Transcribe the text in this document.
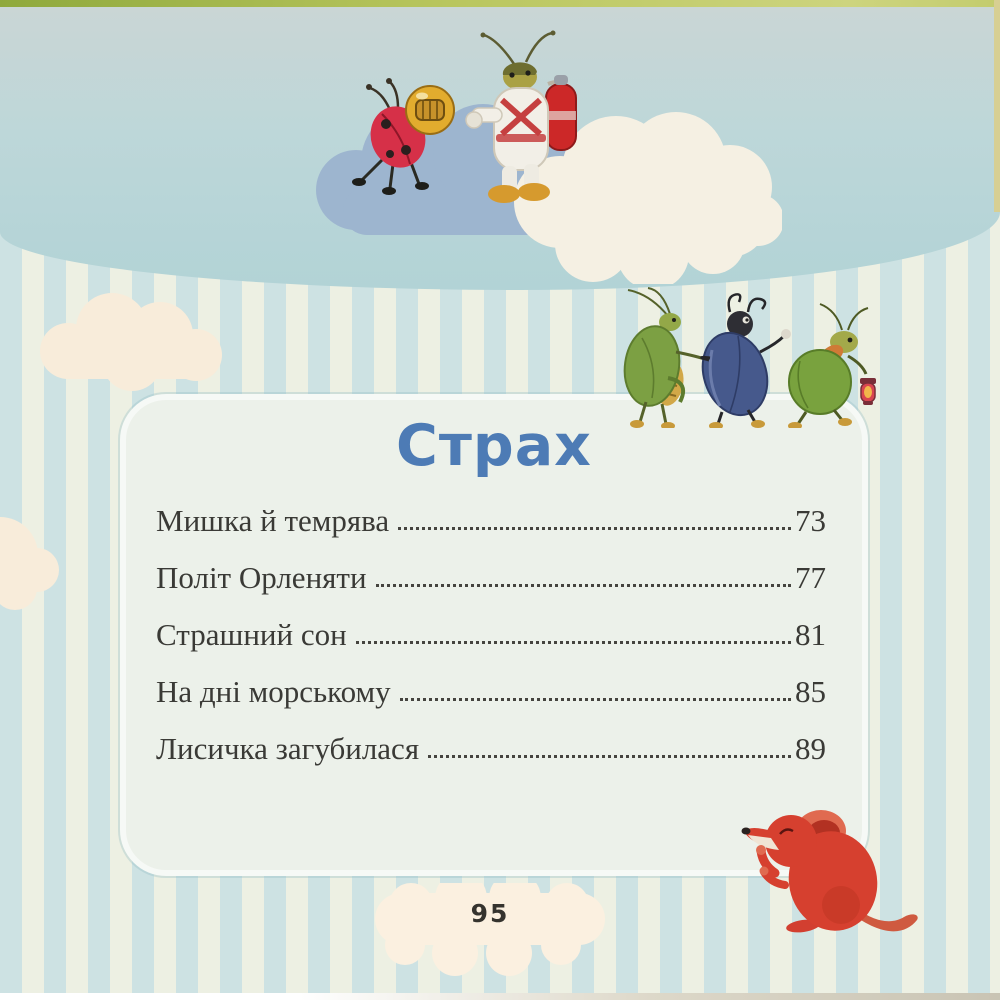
Страх
Мишка й темрява	73
Політ Орленяти	77
Страшний сон	81
На дні морському	85
Лисичка загубилася	89
95
